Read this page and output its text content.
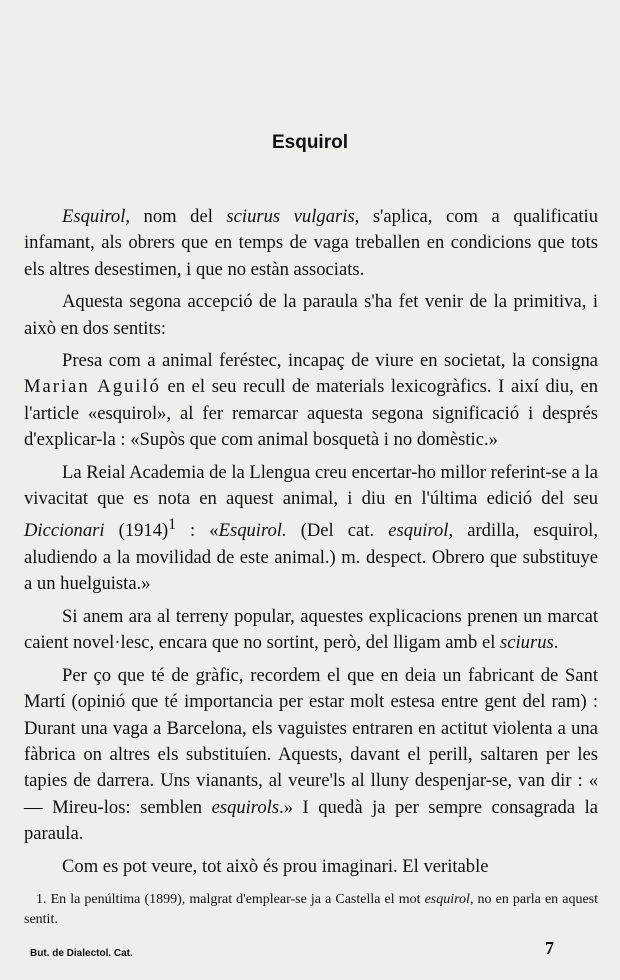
Esquirol

Esquirol, nom del sciurus vulgaris, s'aplica, com a qualificatiu infamant, als obrers que en temps de vaga treballen en condicions que tots els altres desestimen, i que no estàn associats.

Aquesta segona accepció de la paraula s'ha fet venir de la primitiva, i això en dos sentits:

Presa com a animal feréstec, incapaç de viure en societat, la consigna Marian Aguiló en el seu recull de materials lexicogràfics. I així diu, en l'article «esquirol», al fer remarcar aquesta segona significació i després d'explicar-la : «Supòs que com animal bosquetà i no domèstic.»

La Reial Academia de la Llengua creu encertar-ho millor referint-se a la vivacitat que es nota en aquest animal, i diu en l'última edició del seu Diccionari $(1914)^1$ : «Esquirol. (Del cat. esquirol, ardilla, esquirol, aludiendo a la movilidad de este animal.) m. despect. Obrero que substituye a un huelguista.»

Si anem ara al terreny popular, aquestes explicacions prenen un marcat caient novel·lesc, encara que no sortint, però, del lligam amb el sciurus.

Per ço que té de gràfic, recordem el que en deia un fabricant de Sant Martí (opinió que té importancia per estar molt estesa entre gent del ram) : Durant una vaga a Barcelona, els vaguistes entraren en actitut violenta a una fàbrica on altres els substituíen. Aquests, davant el perill, saltaren per les tapies de darrera. Uns vianants, al veure'ls al lluny despenjar-se, van dir : « — Mireu-los: semblen esquirols.» I quedà ja per sempre consagrada la paraula.

Com es pot veure, tot això és prou imaginari. El veritable

1. En la penúltima (1899), malgrat d'emplear-se ja a Castella el mot esquirol, no en parla en aquest sentit.

But. de Dialectol. Cat.	7
